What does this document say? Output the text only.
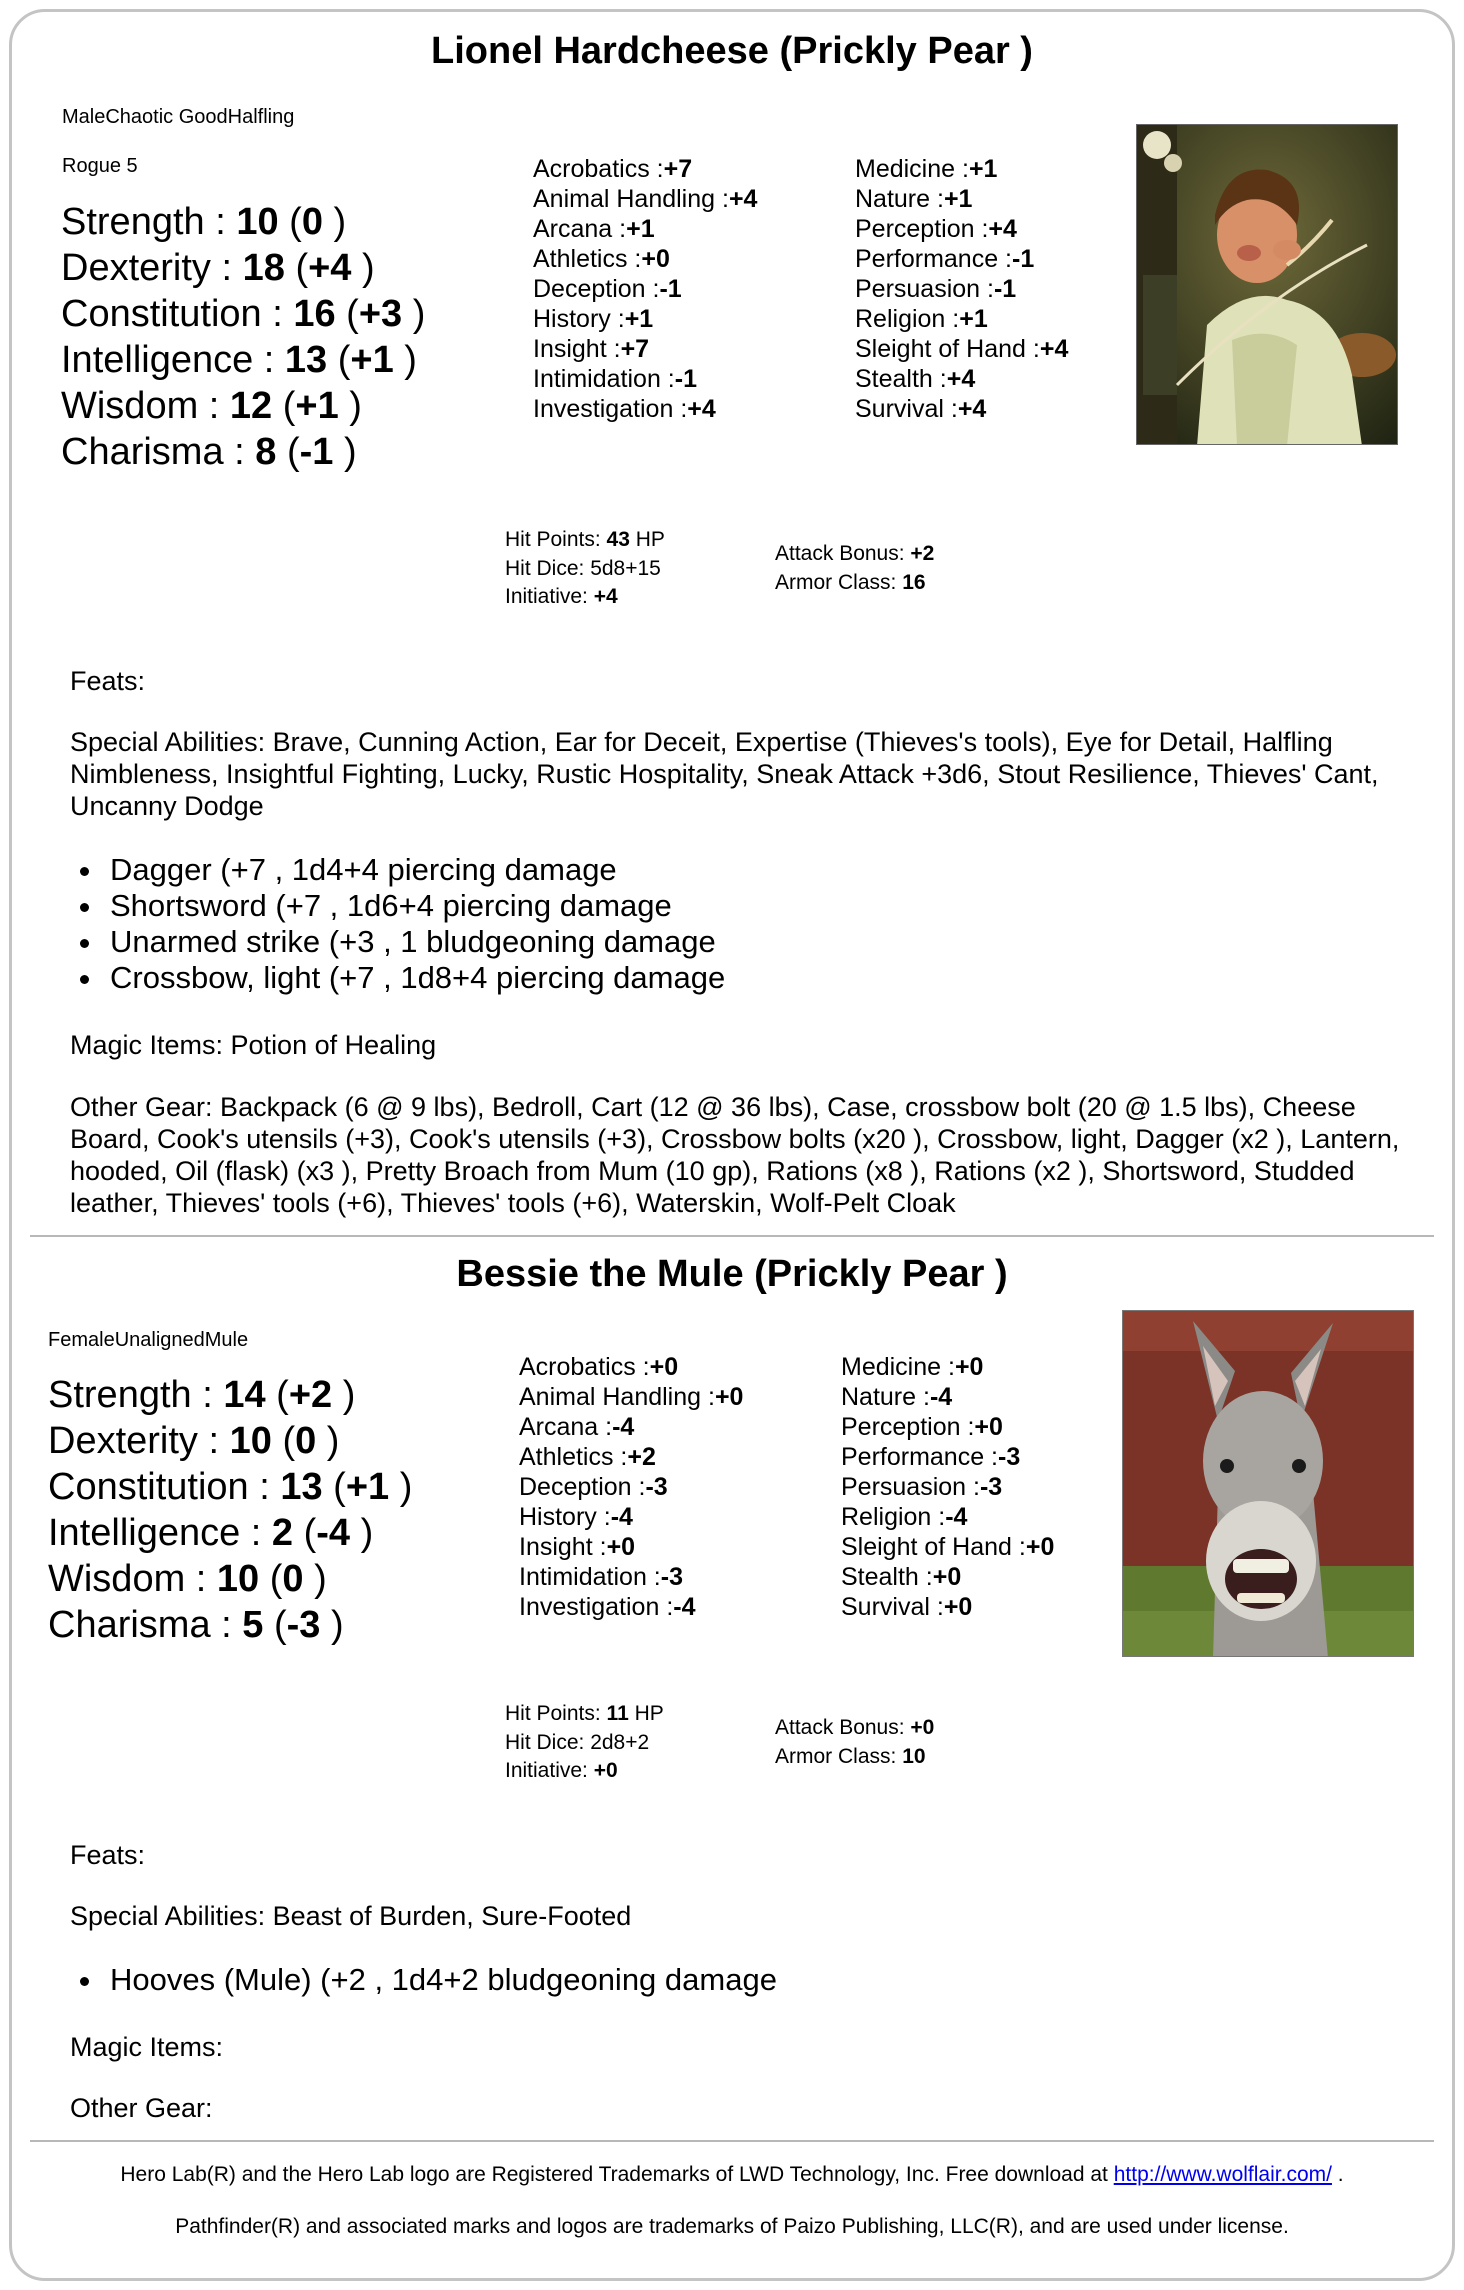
Lionel Hardcheese (Prickly Pear )
MaleChaotic GoodHalfling
Rogue 5
Strength : 10 (0 )
Dexterity : 18 (+4 )
Constitution : 16 (+3 )
Intelligence : 13 (+1 )
Wisdom : 12 (+1 )
Charisma : 8 (-1 )
Acrobatics :+7
Animal Handling :+4
Arcana :+1
Athletics :+0
Deception :-1
History :+1
Insight :+7
Intimidation :-1
Investigation :+4
Medicine :+1
Nature :+1
Perception :+4
Performance :-1
Persuasion :-1
Religion :+1
Sleight of Hand :+4
Stealth :+4
Survival :+4
Hit Points: 43 HP
Hit Dice: 5d8+15
Initiative: +4
Attack Bonus: +2
Armor Class: 16
Feats:
Special Abilities: Brave, Cunning Action, Ear for Deceit, Expertise (Thieves's tools), Eye for Detail, Halfling Nimbleness, Insightful Fighting, Lucky, Rustic Hospitality, Sneak Attack +3d6, Stout Resilience, Thieves' Cant, Uncanny Dodge
Dagger (+7 , 1d4+4 piercing damage
Shortsword (+7 , 1d6+4 piercing damage
Unarmed strike (+3 , 1 bludgeoning damage
Crossbow, light (+7 , 1d8+4 piercing damage
Magic Items: Potion of Healing
Other Gear: Backpack (6 @ 9 lbs), Bedroll, Cart (12 @ 36 lbs), Case, crossbow bolt (20 @ 1.5 lbs), Cheese Board, Cook's utensils (+3), Cook's utensils (+3), Crossbow bolts (x20 ), Crossbow, light, Dagger (x2 ), Lantern, hooded, Oil (flask) (x3 ), Pretty Broach from Mum (10 gp), Rations (x8 ), Rations (x2 ), Shortsword, Studded leather, Thieves' tools (+6), Thieves' tools (+6), Waterskin, Wolf-Pelt Cloak
Bessie the Mule (Prickly Pear )
FemaleUnalignedMule
Strength : 14 (+2 )
Dexterity : 10 (0 )
Constitution : 13 (+1 )
Intelligence : 2 (-4 )
Wisdom : 10 (0 )
Charisma : 5 (-3 )
Acrobatics :+0
Animal Handling :+0
Arcana :-4
Athletics :+2
Deception :-3
History :-4
Insight :+0
Intimidation :-3
Investigation :-4
Medicine :+0
Nature :-4
Perception :+0
Performance :-3
Persuasion :-3
Religion :-4
Sleight of Hand :+0
Stealth :+0
Survival :+0
Hit Points: 11 HP
Hit Dice: 2d8+2
Initiative: +0
Attack Bonus: +0
Armor Class: 10
Feats:
Special Abilities: Beast of Burden, Sure-Footed
Hooves (Mule) (+2 , 1d4+2 bludgeoning damage
Magic Items:
Other Gear:
Hero Lab(R) and the Hero Lab logo are Registered Trademarks of LWD Technology, Inc. Free download at http://www.wolflair.com/ .
Pathfinder(R) and associated marks and logos are trademarks of Paizo Publishing, LLC(R), and are used under license.
